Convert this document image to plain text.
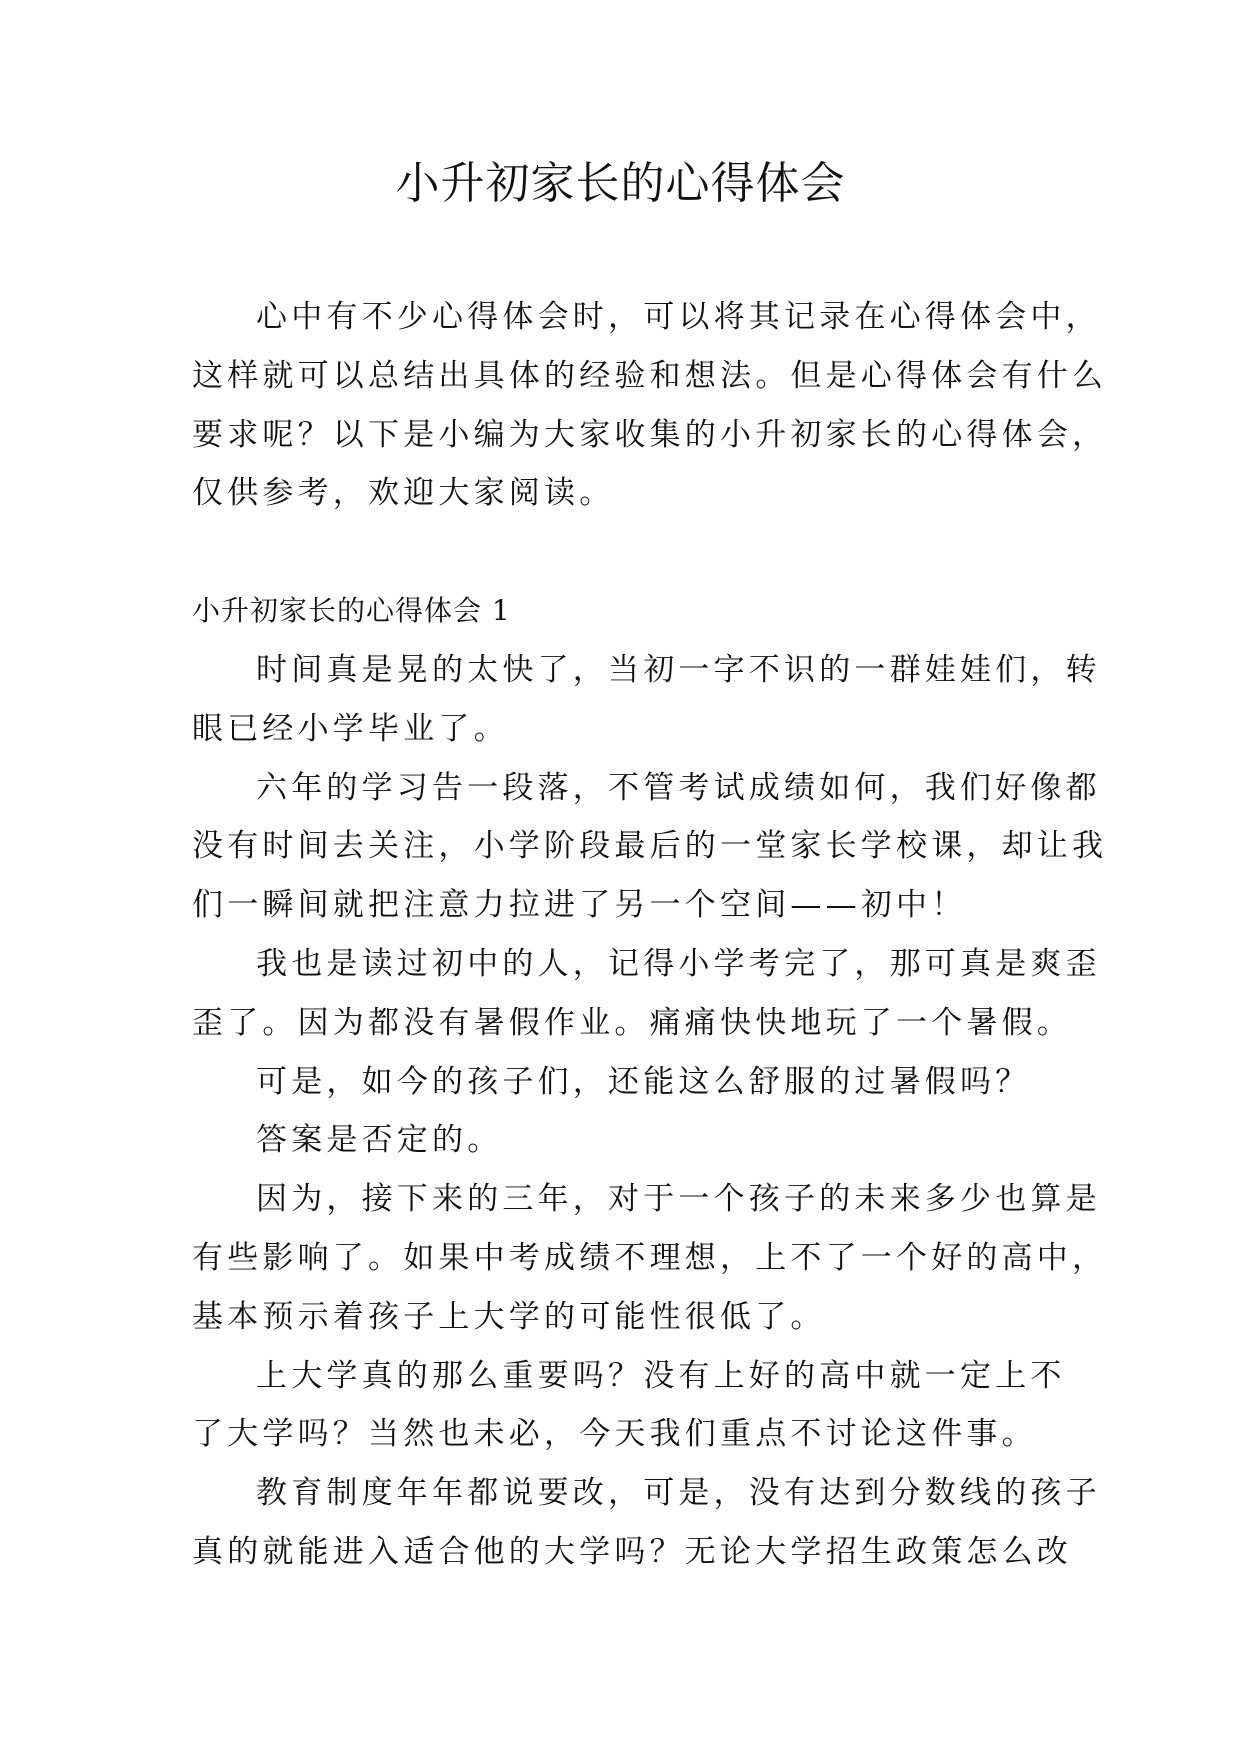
小升初家长的心得体会
心中有不少心得体会时，可以将其记录在心得体会中，
这样就可以总结出具体的经验和想法。但是心得体会有什么
要求呢？以下是小编为大家收集的小升初家长的心得体会，
仅供参考，欢迎大家阅读。
小升初家长的心得体会 1
时间真是晃的太快了，当初一字不识的一群娃娃们，转
眼已经小学毕业了。
六年的学习告一段落，不管考试成绩如何，我们好像都
没有时间去关注，小学阶段最后的一堂家长学校课，却让我
们一瞬间就把注意力拉进了另一个空间——初中！
我也是读过初中的人，记得小学考完了，那可真是爽歪
歪了。因为都没有暑假作业。痛痛快快地玩了一个暑假。
可是，如今的孩子们，还能这么舒服的过暑假吗？
答案是否定的。
因为，接下来的三年，对于一个孩子的未来多少也算是
有些影响了。如果中考成绩不理想，上不了一个好的高中，
基本预示着孩子上大学的可能性很低了。
上大学真的那么重要吗？没有上好的高中就一定上不
了大学吗？当然也未必，今天我们重点不讨论这件事。
教育制度年年都说要改，可是，没有达到分数线的孩子
真的就能进入适合他的大学吗？无论大学招生政策怎么改
